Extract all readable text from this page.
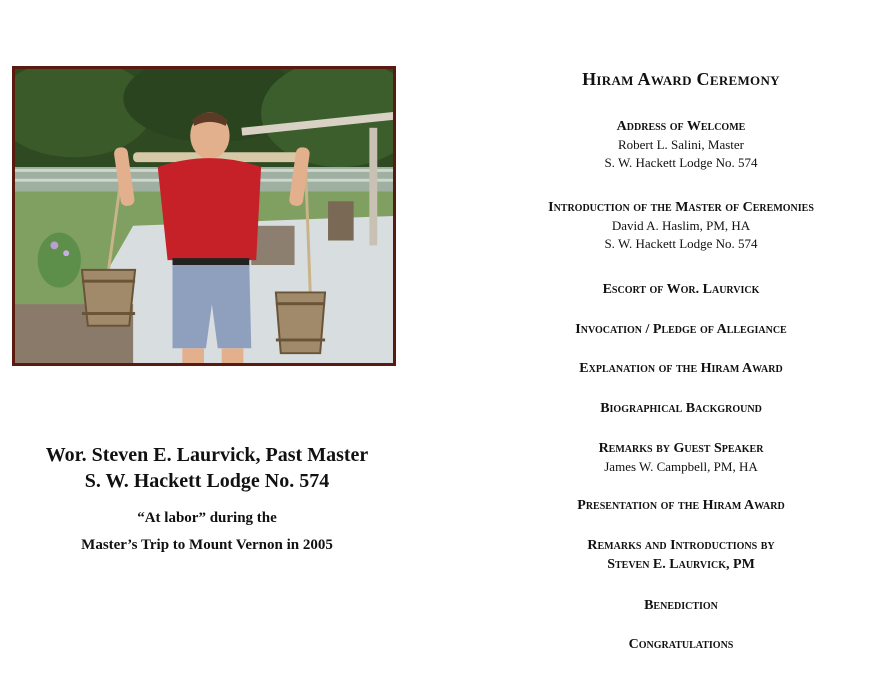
Wor. Steven E. Laurvick, Past Master
S. W. Hackett Lodge No. 574
“At labor” during the
Master’s Trip to Mount Vernon in 2005
Hiram Award Ceremony
Address of Welcome
Robert L. Salini, Master
S. W. Hackett Lodge No. 574
Introduction of the Master of Ceremonies
David A. Haslim, PM, HA
S. W. Hackett Lodge No. 574
Escort of Wor. Laurvick
Invocation / Pledge of Allegiance
Explanation of the Hiram Award
Biographical Background
Remarks by Guest Speaker
James W. Campbell, PM, HA
Presentation of the Hiram Award
Remarks and Introductions by
Steven E. Laurvick, PM
Benediction
Congratulations
